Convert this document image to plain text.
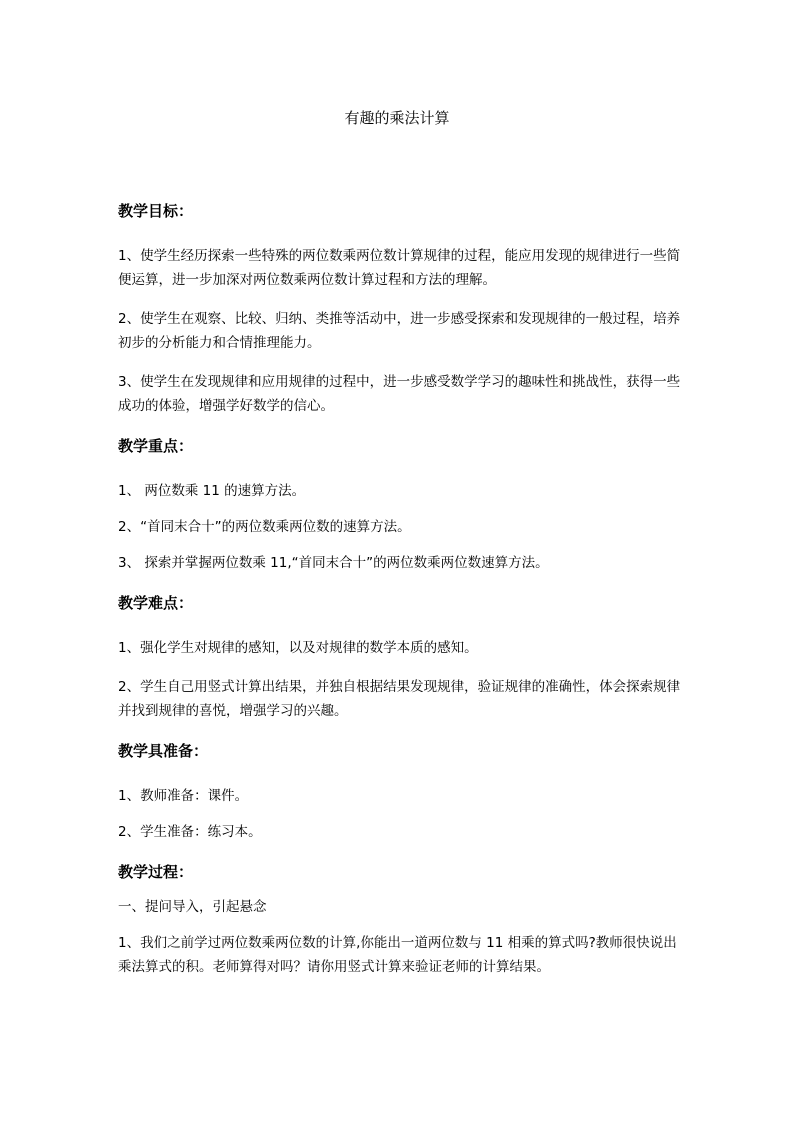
有趣的乘法计算
教学目标：
1、使学生经历探索一些特殊的两位数乘两位数计算规律的过程，能应用发现的规律进行一些简便运算，进一步加深对两位数乘两位数计算过程和方法的理解。
2、使学生在观察、比较、归纳、类推等活动中，进一步感受探索和发现规律的一般过程，培养初步的分析能力和合情推理能力。
3、使学生在发现规律和应用规律的过程中，进一步感受数学学习的趣味性和挑战性，获得一些成功的体验，增强学好数学的信心。
教学重点：
1、 两位数乘 11 的速算方法。
2、“首同末合十”的两位数乘两位数的速算方法。
3、 探索并掌握两位数乘 11,“首同末合十”的两位数乘两位数速算方法。
教学难点：
1、强化学生对规律的感知，以及对规律的数学本质的感知。
2、学生自己用竖式计算出结果，并独自根据结果发现规律，验证规律的准确性，体会探索规律并找到规律的喜悦，增强学习的兴趣。
教学具准备：
1、教师准备：课件。
2、学生准备：练习本。
教学过程：
一、提问导入，引起悬念
1、我们之前学过两位数乘两位数的计算,你能出一道两位数与 11 相乘的算式吗?教师很快说出乘法算式的积。老师算得对吗？请你用竖式计算来验证老师的计算结果。
